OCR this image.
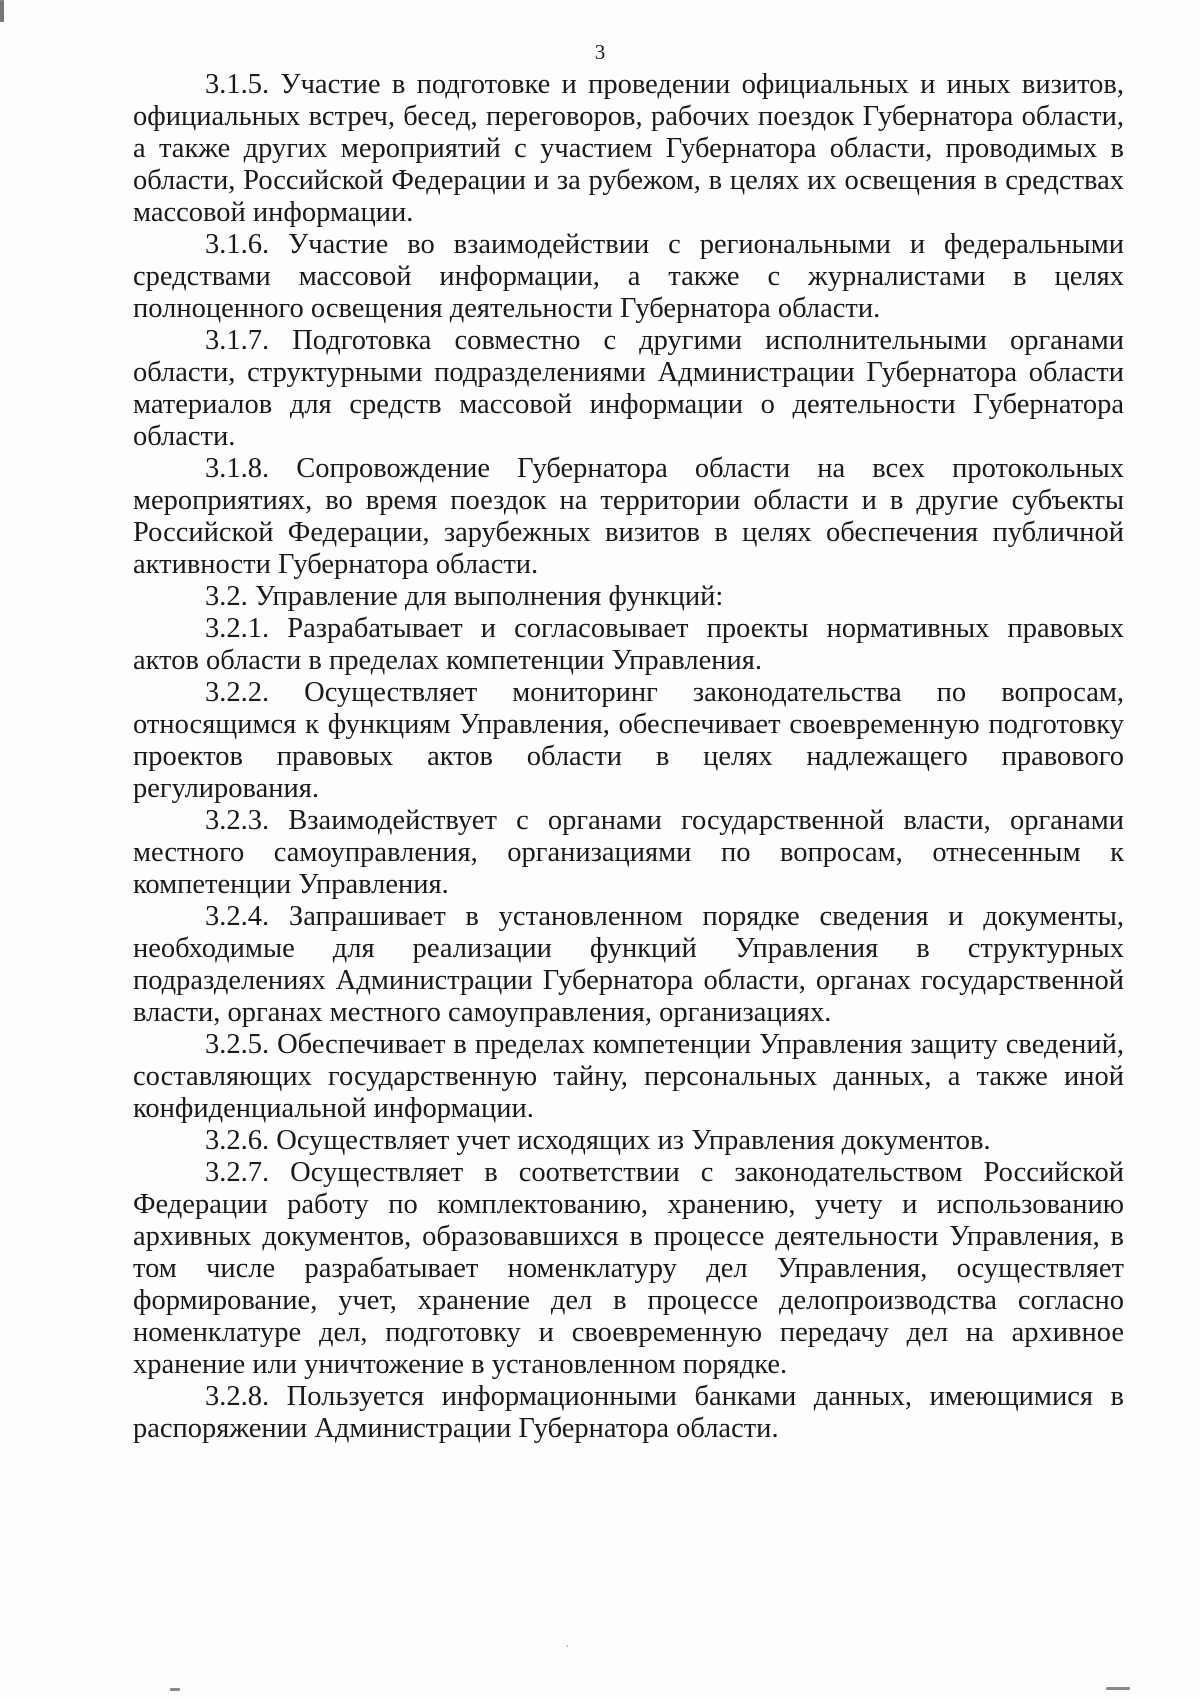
3

3.1.5. Участие в подготовке и проведении официальных и иных визитов, официальных встреч, бесед, переговоров, рабочих поездок Губернатора области, а также других мероприятий с участием Губернатора области, проводимых в области, Российской Федерации и за рубежом, в целях их освещения в средствах массовой информации.

3.1.6. Участие во взаимодействии с региональными и федеральными средствами массовой информации, а также с журналистами в целях полноценного освещения деятельности Губернатора области.

3.1.7. Подготовка совместно с другими исполнительными органами области, структурными подразделениями Администрации Губернатора области материалов для средств массовой информации о деятельности Губернатора области.

3.1.8. Сопровождение Губернатора области на всех протокольных мероприятиях, во время поездок на территории области и в другие субъекты Российской Федерации, зарубежных визитов в целях обеспечения публичной активности Губернатора области.

3.2. Управление для выполнения функций:

3.2.1. Разрабатывает и согласовывает проекты нормативных правовых актов области в пределах компетенции Управления.

3.2.2. Осуществляет мониторинг законодательства по вопросам, относящимся к функциям Управления, обеспечивает своевременную подготовку проектов правовых актов области в целях надлежащего правового регулирования.

3.2.3. Взаимодействует с органами государственной власти, органами местного самоуправления, организациями по вопросам, отнесенным к компетенции Управления.

3.2.4. Запрашивает в установленном порядке сведения и документы, необходимые для реализации функций Управления в структурных подразделениях Администрации Губернатора области, органах государственной власти, органах местного самоуправления, организациях.

3.2.5. Обеспечивает в пределах компетенции Управления защиту сведений, составляющих государственную тайну, персональных данных, а также иной конфиденциальной информации.

3.2.6. Осуществляет учет исходящих из Управления документов.

3.2.7. Осуществляет в соответствии с законодательством Российской Федерации работу по комплектованию, хранению, учету и использованию архивных документов, образовавшихся в процессе деятельности Управления, в том числе разрабатывает номенклатуру дел Управления, осуществляет формирование, учет, хранение дел в процессе делопроизводства согласно номенклатуре дел, подготовку и своевременную передачу дел на архивное хранение или уничтожение в установленном порядке.

3.2.8. Пользуется информационными банками данных, имеющимися в распоряжении Администрации Губернатора области.
